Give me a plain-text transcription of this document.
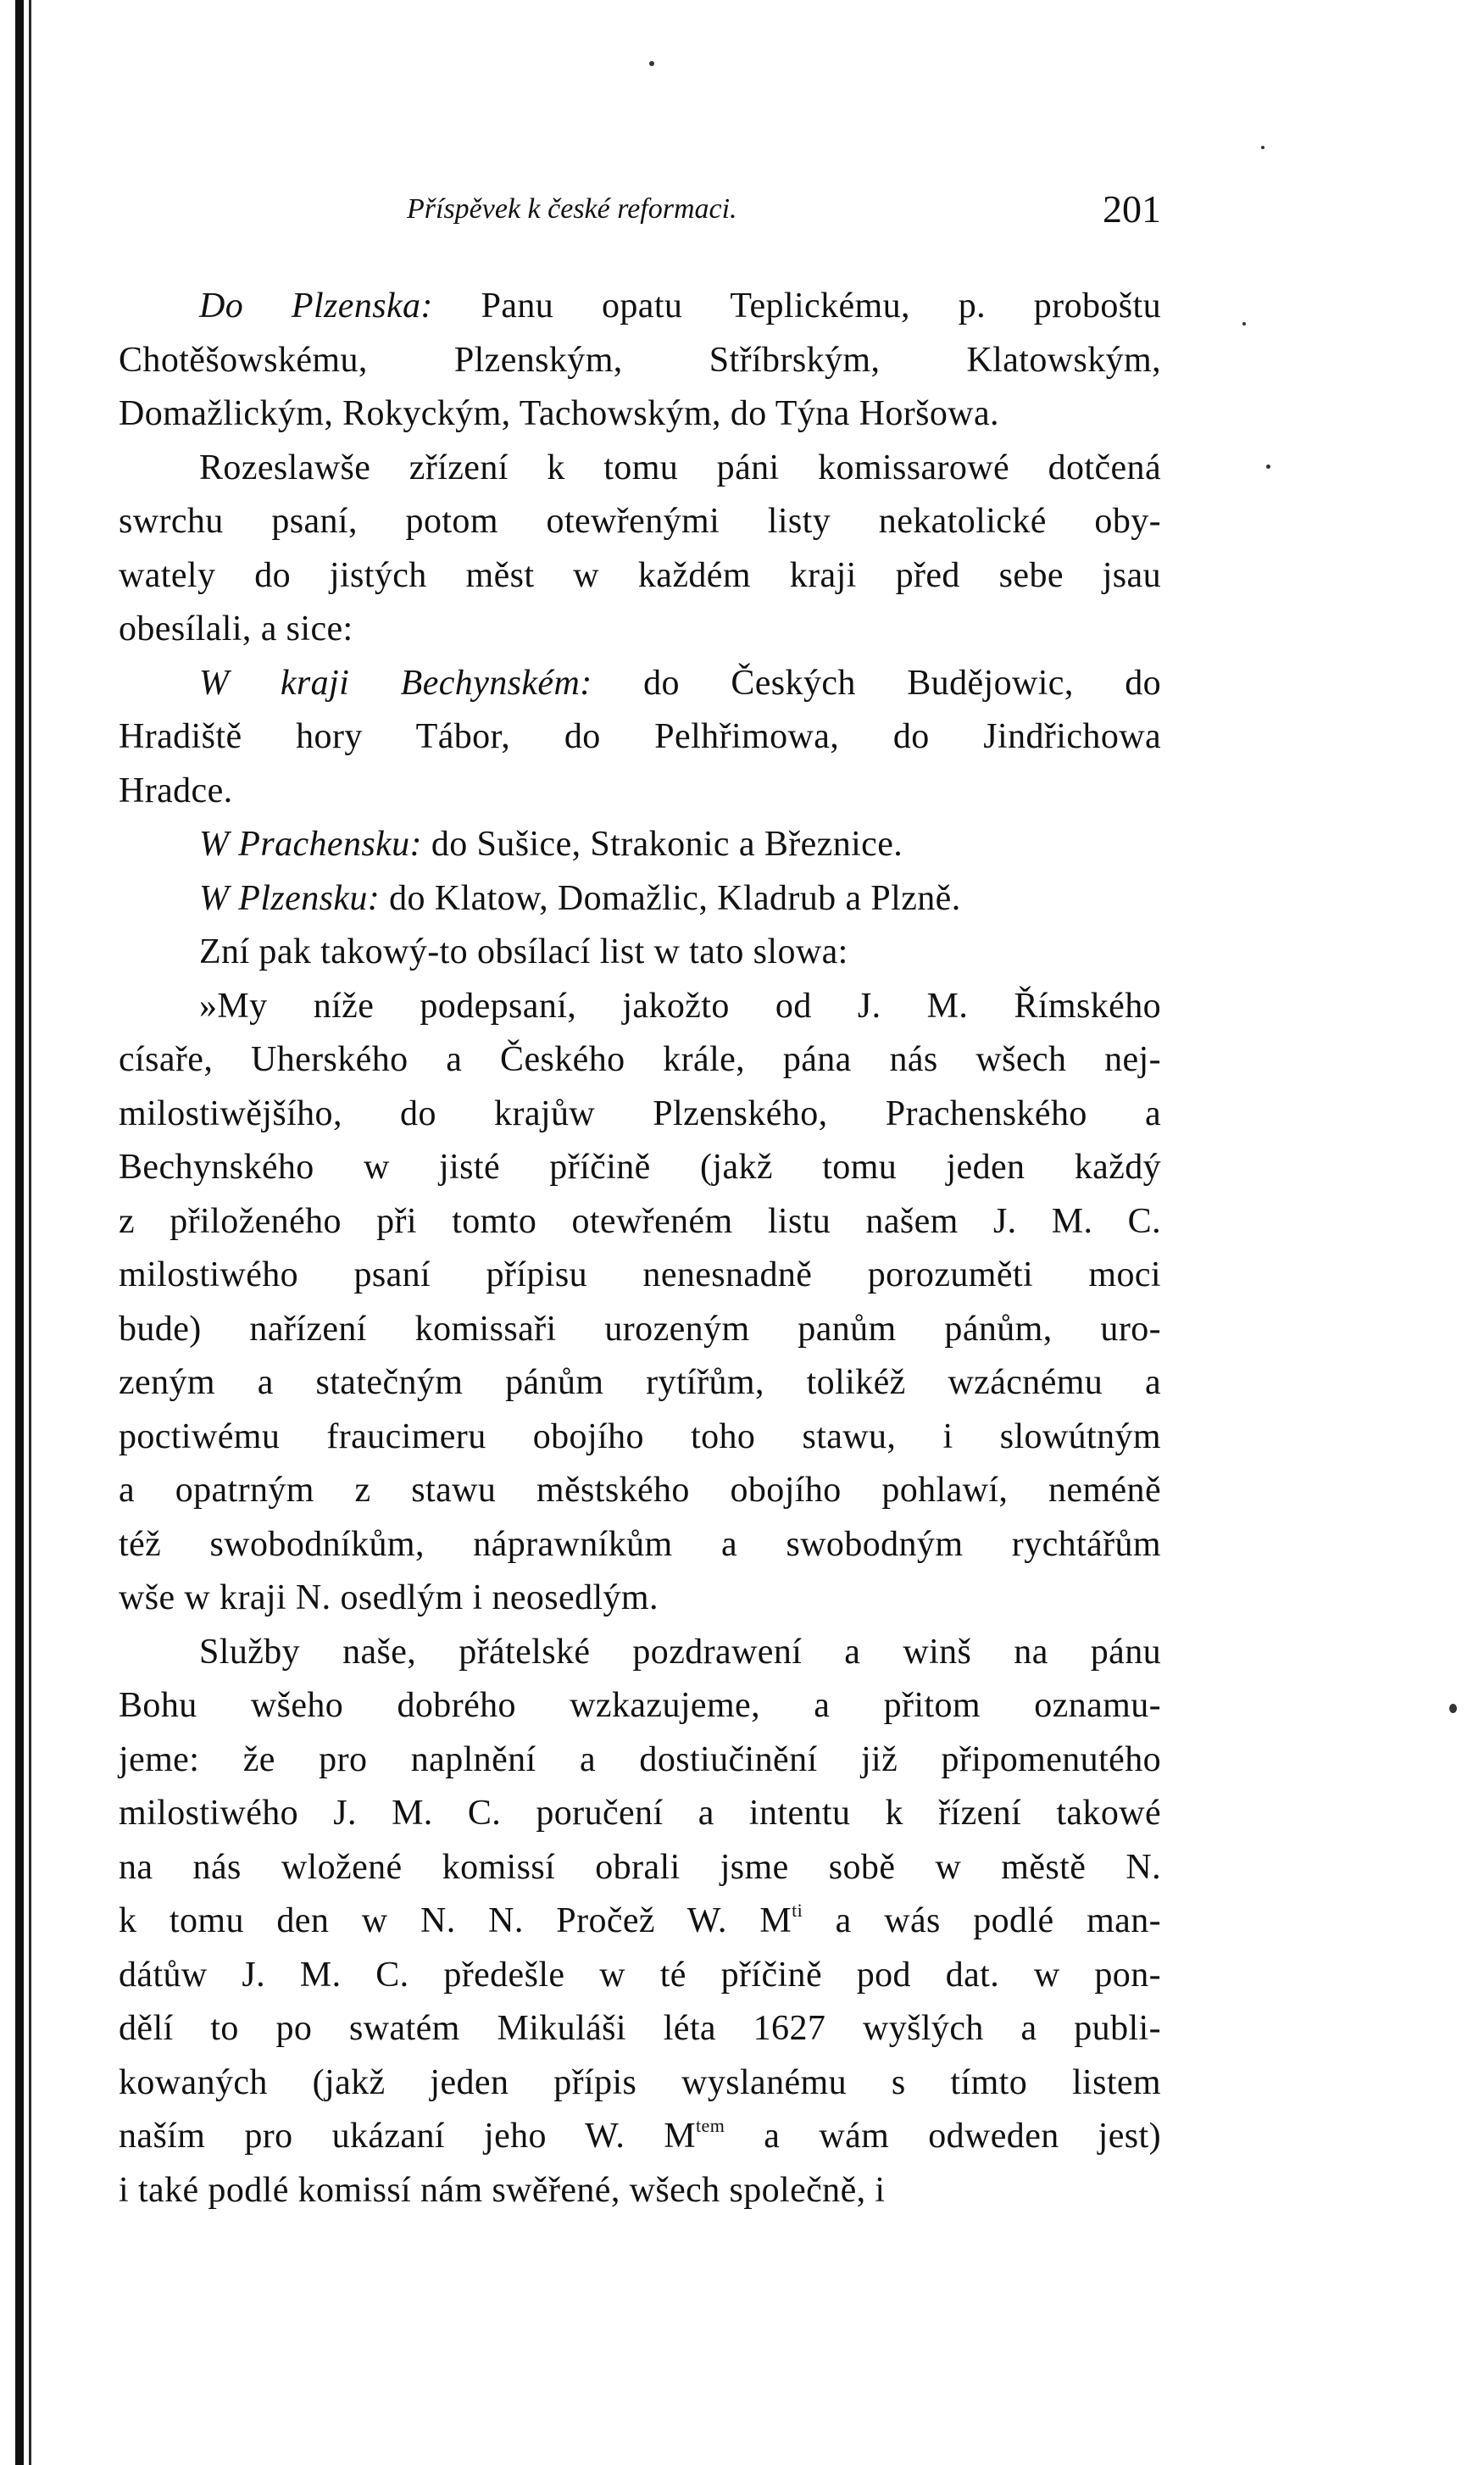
Příspěvek k české reformaci.	201
Do Plzenska: Panu opatu Teplickému, p. proboštu
Chotěšowskému, Plzenským, Stříbrským, Klatowským,
Domažlickým, Rokyckým, Tachowským, do Týna Horšowa.
Rozeslawše zřízení k tomu páni komissarowé dotčená
swrchu psaní, potom otewřenými listy nekatolické oby-
wately do jistých měst w každém kraji před sebe jsau
obesílali, a sice:
W kraji Bechynském: do Českých Budějowic, do
Hradiště hory Tábor, do Pelhřimowa, do Jindřichowa
Hradce.
W Prachensku: do Sušice, Strakonic a Březnice.
W Plzensku: do Klatow, Domažlic, Kladrub a Plzně.
Zní pak takowý-to obsílací list w tato slowa:
»My níže podepsaní, jakožto od J. M. Římského
císaře, Uherského a Českého krále, pána nás wšech nej-
milostiwějšího, do krajůw Plzenského, Prachenského a
Bechynského w jisté příčině (jakž tomu jeden každý
z přiloženého při tomto otewřeném listu našem J. M. C.
milostiwého psaní přípisu nenesnadně porozuměti moci
bude) nařízení komissaři urozeným panům pánům, uro-
zeným a statečným pánům rytířům, tolikéž wzácnému a
poctiwému fraucimeru obojího toho stawu, i slowútným
a opatrným z stawu městského obojího pohlawí, neméně
též swobodníkům, náprawníkům a swobodným rychtářům
wše w kraji N. osedlým i neosedlým.
Služby naše, přátelské pozdrawení a winš na pánu
Bohu wšeho dobrého wzkazujeme, a přitom oznamu-
jeme: že pro naplnění a dostiučinění již připomenutého
milostiwého J. M. C. poručení a intentu k řízení takowé
na nás wložené komissí obrali jsme sobě w městě N.
k tomu den w N. N. Pročež W. $M^{ti}$ a wás podlé man-
dátůw J. M. C. předešle w té příčině pod dat. w pon-
dělí to po swatém Mikuláši léta 1627 wyšlých a publi-
kowaných (jakž jeden přípis wyslanému s tímto listem
naším pro ukázaní jeho W. $M^{tem}$ a wám odweden jest)
i také podlé komissí nám swěřené, wšech společně, i
